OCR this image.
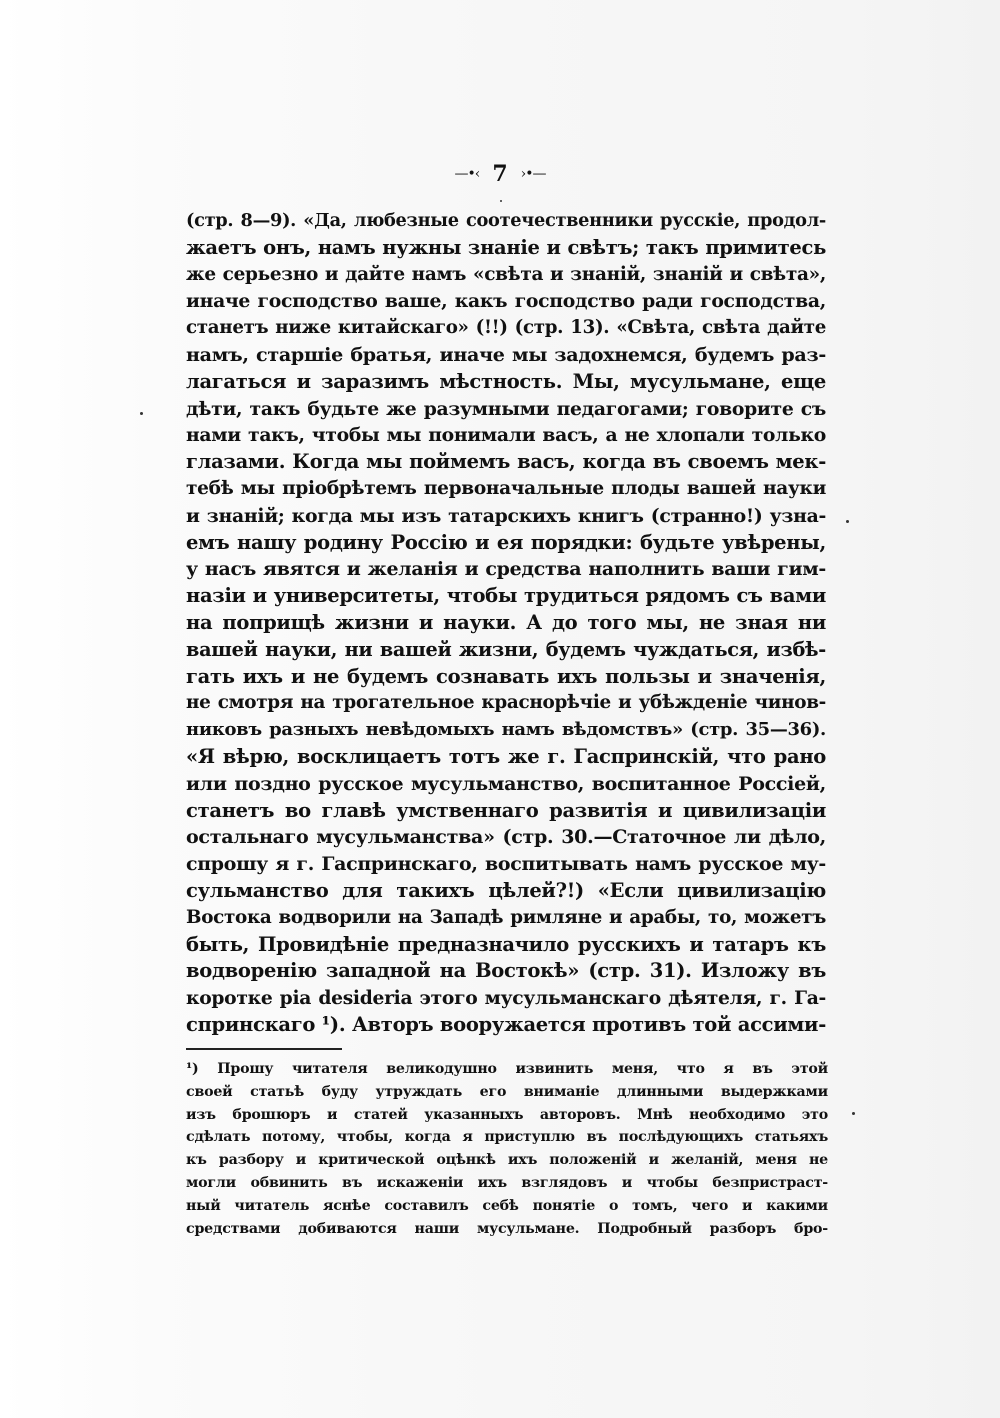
—•‹ 7 ›•—
(стр. 8—9). «Да, любезные соотечественники русскіе, продол-
жаетъ онъ, намъ нужны знаніе и свѣтъ; такъ примитесь
же серьезно и дайте намъ «свѣта и знаній, знаній и свѣта»,
иначе господство ваше, какъ господство ради господства,
станетъ ниже китайскаго» (!!) (стр. 13). «Свѣта, свѣта дайте
намъ, старшіе братья, иначе мы задохнемся, будемъ раз-
лагаться и заразимъ мѣстность. Мы, мусульмане, еще
дѣти, такъ будьте же разумными педагогами; говорите съ
нами такъ, чтобы мы понимали васъ, а не хлопали только
глазами. Когда мы поймемъ васъ, когда въ своемъ мек-
тебѣ мы пріобрѣтемъ первоначальные плоды вашей науки
и знаній; когда мы изъ татарскихъ книгъ (странно!) узна-
емъ нашу родину Россію и ея порядки: будьте увѣрены,
у насъ явятся и желанія и средства наполнить ваши гим-
назіи и университеты, чтобы трудиться рядомъ съ вами
на поприщѣ жизни и науки. А до того мы, не зная ни
вашей науки, ни вашей жизни, будемъ чуждаться, избѣ-
гать ихъ и не будемъ сознавать ихъ пользы и значенія,
не смотря на трогательное краснорѣчіе и убѣжденіе чинов-
никовъ разныхъ невѣдомыхъ намъ вѣдомствъ» (стр. 35—36).
«Я вѣрю, восклицаетъ тотъ же г. Гаспринскій, что рано
или поздно русское мусульманство, воспитанное Россіей,
станетъ во главѣ умственнаго развитія и цивилизаціи
остальнаго мусульманства» (стр. 30.—Статочное ли дѣло,
спрошу я г. Гаспринскаго, воспитывать намъ русское му-
сульманство для такихъ цѣлей?!) «Если цивилизацію
Востока водворили на Западѣ римляне и арабы, то, можетъ
быть, Провидѣніе предназначило русскихъ и татаръ къ
водворенію западной на Востокѣ» (стр. 31). Изложу въ
коротке pia desideria этого мусульманскаго дѣятеля, г. Га-
спринскаго ¹). Авторъ вооружается противъ той ассими-
¹) Прошу читателя великодушно извинить меня, что я въ этой
своей статьѣ буду утруждать его вниманіе длинными выдержками
изъ брошюръ и статей указанныхъ авторовъ. Мнѣ необходимо это
сдѣлать потому, чтобы, когда я приступлю въ послѣдующихъ статьяхъ
къ разбору и критической оцѣнкѣ ихъ положеній и желаній, меня не
могли обвинить въ искаженіи ихъ взглядовъ и чтобы безпристраст-
ный читатель яснѣе составилъ себѣ понятіе о томъ, чего и какими
средствами добиваются наши мусульмане. Подробный разборъ бро-
